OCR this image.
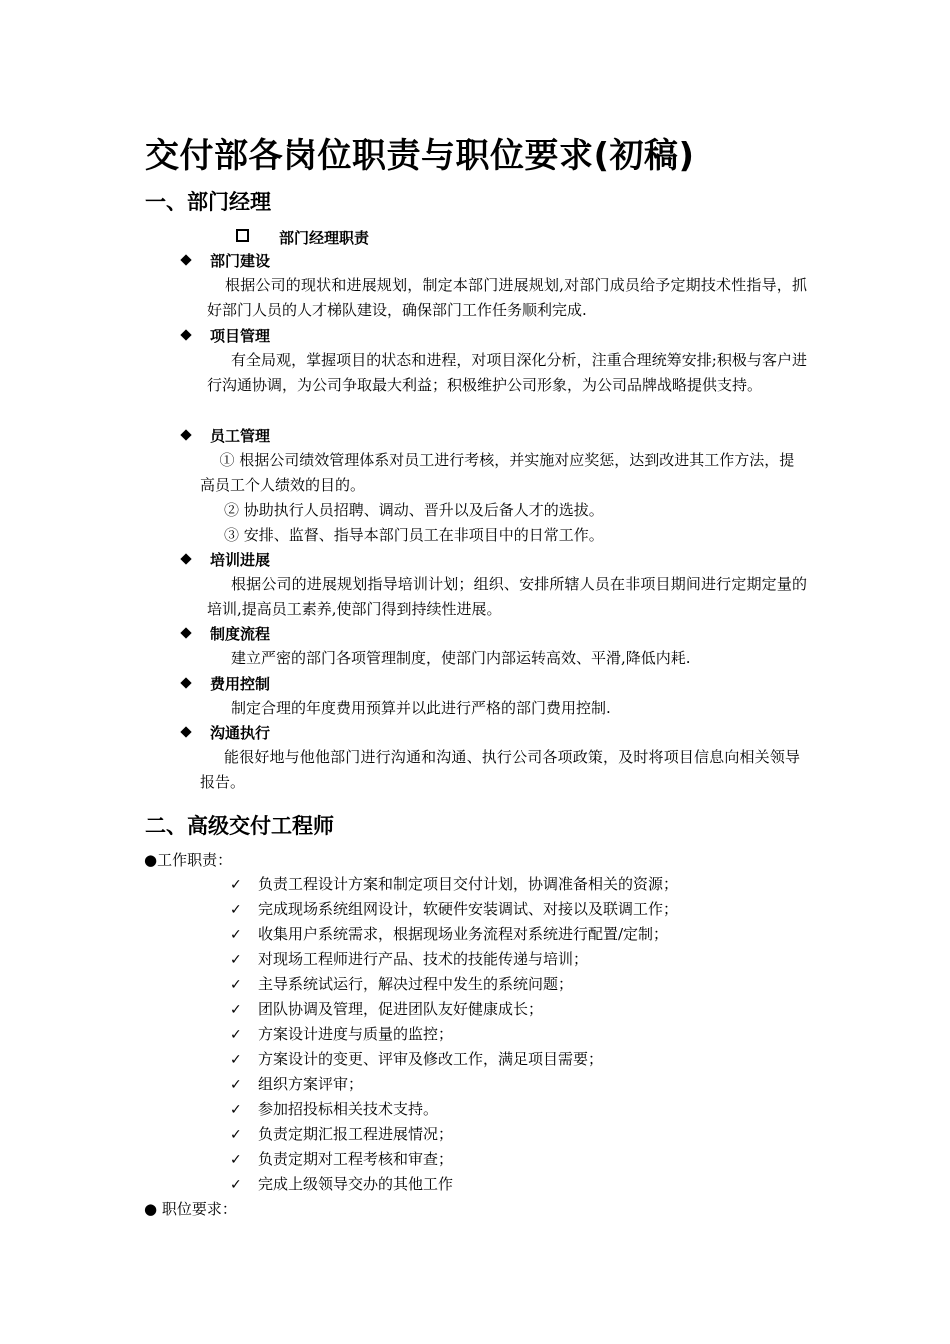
交付部各岗位职责与职位要求(初稿)
一、部门经理
部门经理职责
部门建设
根据公司的现状和进展规划，制定本部门进展规划,对部门成员给予定期技术性指导，抓好部门人员的人才梯队建设，确保部门工作任务顺利完成.
项目管理
有全局观，掌握项目的状态和进程，对项目深化分析，注重合理统筹安排;积极与客户进行沟通协调，为公司争取最大利益；积极维护公司形象，为公司品牌战略提供支持。
员工管理
① 根据公司绩效管理体系对员工进行考核，并实施对应奖惩，达到改进其工作方法，提高员工个人绩效的目的。
② 协助执行人员招聘、调动、晋升以及后备人才的选拔。
③ 安排、监督、指导本部门员工在非项目中的日常工作。
培训进展
根据公司的进展规划指导培训计划；组织、安排所辖人员在非项目期间进行定期定量的培训,提高员工素养,使部门得到持续性进展。
制度流程
建立严密的部门各项管理制度，使部门内部运转高效、平滑,降低内耗.
费用控制
制定合理的年度费用预算并以此进行严格的部门费用控制.
沟通执行
能很好地与他他部门进行沟通和沟通、执行公司各项政策，及时将项目信息向相关领导报告。
二、高级交付工程师
●工作职责：
✓ 负责工程设计方案和制定项目交付计划，协调准备相关的资源；
✓ 完成现场系统组网设计，软硬件安装调试、对接以及联调工作；
✓ 收集用户系统需求，根据现场业务流程对系统进行配置/定制；
✓ 对现场工程师进行产品、技术的技能传递与培训；
✓ 主导系统试运行，解决过程中发生的系统问题；
✓ 团队协调及管理，促进团队友好健康成长；
✓ 方案设计进度与质量的监控；
✓ 方案设计的变更、评审及修改工作，满足项目需要；
✓ 组织方案评审；
✓ 参加招投标相关技术支持。
✓ 负责定期汇报工程进展情况；
✓ 负责定期对工程考核和审查；
✓ 完成上级领导交办的其他工作
● 职位要求：
